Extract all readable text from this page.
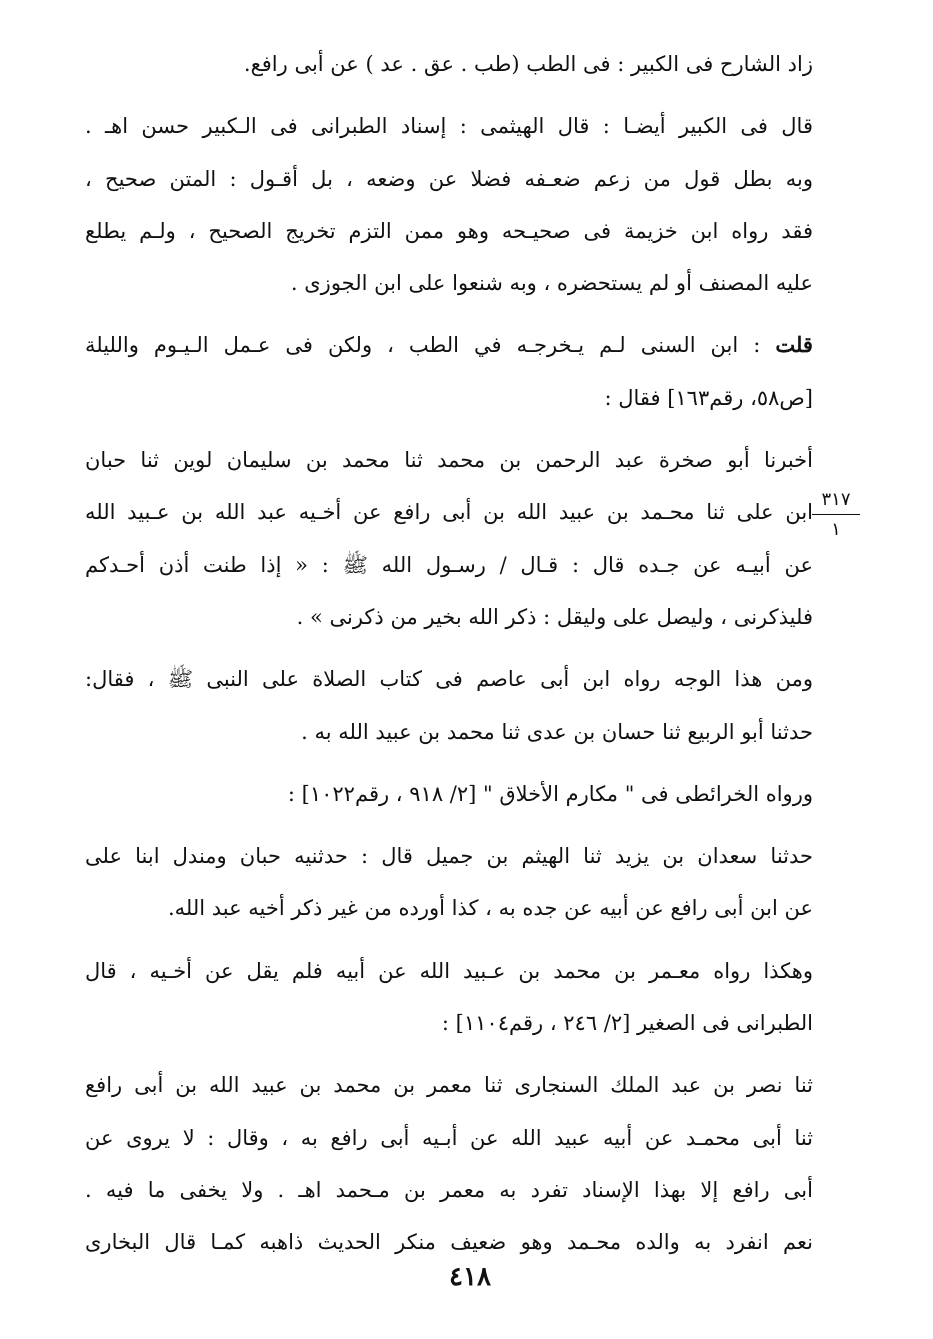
زاد الشارح فى الكبير : فى الطب (طب . عق . عد ) عن أبى رافع.

قال فى الكبير أيضـا : قال الهيثمى : إسناد الطبرانى فى الـكبير حسن اهـ .
وبه بطل قول من زعم ضعـفه فضلا عن وضعه ، بل أقـول : المتن صحيح ،
فقد رواه ابن خزيمة فى صحيـحه وهو ممن التزم تخريج الصحيح ، ولـم يطلع
عليه المصنف أو لم يستحضره ، وبه شنعوا على ابن الجوزى .

قلت : ابن السنى لـم يـخرجـه في الطب ، ولكن فى عـمل الـيـوم والليلة
[ص٥٨، رقم١٦٣] فقال :

أخبرنا أبو صخرة عبد الرحمن بن محمد ثنا محمد بن سليمان لوين ثنا حبان
ابن على ثنا محـمد بن عبيد الله بن أبى رافع عن أخـيه عبد الله بن عـبيد الله
عن أبيـه عن جـده قال : قـال / رسـول الله ﷺ : « إذا طنت أذن أحـدكم
فليذكرنى ، وليصل على وليقل : ذكر الله بخير من ذكرنى » .

ومن هذا الوجه رواه ابن أبى عاصم فى كتاب الصلاة على النبى ﷺ ، فقال:
حدثنا أبو الربيع ثنا حسان بن عدى ثنا محمد بن عبيد الله به .

ورواه الخرائطى فى " مكارم الأخلاق " [٢/ ٩١٨ ، رقم١٠٢٢] :

حدثنا سعدان بن يزيد ثنا الهيثم بن جميل قال : حدثنيه حبان ومندل ابنا على
عن ابن أبى رافع عن أبيه عن جده به ، كذا أورده من غير ذكر أخيه عبد الله.

وهكذا رواه معـمر بن محمد بن عـبيد الله عن أبيه فلم يقل عن أخـيه ، قال
الطبرانى فى الصغير [٢/ ٢٤٦ ، رقم١١٠٤] :

ثنا نصر بن عبد الملك السنجارى ثنا معمر بن محمد بن عبيد الله بن أبى رافع
ثنا أبى محمـد عن أبيه عبيد الله عن أبـيه أبى رافع به ، وقال : لا يروى عن
أبى رافع إلا بهذا الإسناد تفرد به معمر بن مـحمد اهـ . ولا يخفى ما فيه .
نعم انفرد به والده محـمد وهو ضعيف منكر الحديث ذاهبه كمـا قال البخارى

٣١٧
١
٤١٨
